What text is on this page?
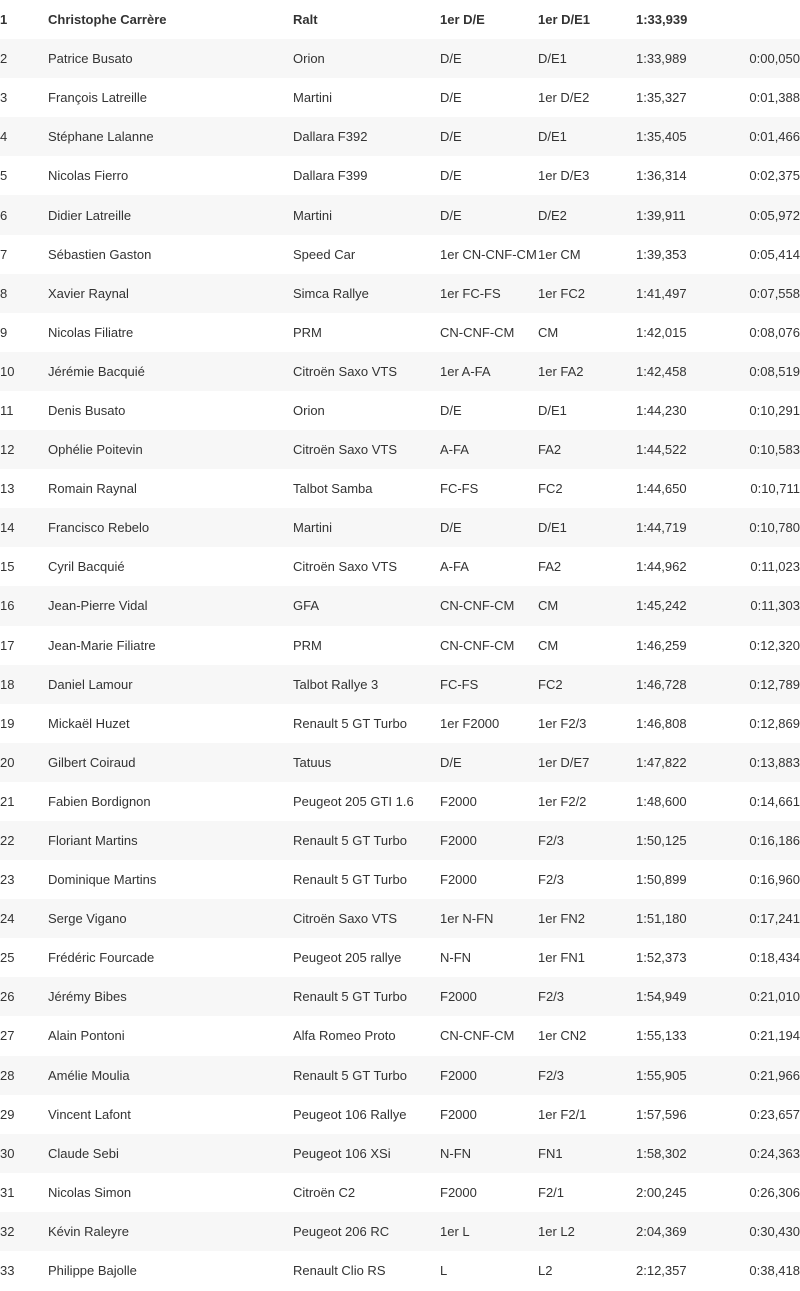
1	Christophe Carrère	Ralt	1er D/E	1er D/E1	1:33,939	
2	Patrice Busato	Orion	D/E	D/E1	1:33,989	0:00,050
3	François Latreille	Martini	D/E	1er D/E2	1:35,327	0:01,388
4	Stéphane Lalanne	Dallara F392	D/E	D/E1	1:35,405	0:01,466
5	Nicolas Fierro	Dallara F399	D/E	1er D/E3	1:36,314	0:02,375
6	Didier Latreille	Martini	D/E	D/E2	1:39,911	0:05,972
7	Sébastien Gaston	Speed Car	1er CN-CNF-CM	1er CM	1:39,353	0:05,414
8	Xavier Raynal	Simca Rallye	1er FC-FS	1er FC2	1:41,497	0:07,558
9	Nicolas Filiatre	PRM	CN-CNF-CM	CM	1:42,015	0:08,076
10	Jérémie Bacquié	Citroën Saxo VTS	1er A-FA	1er FA2	1:42,458	0:08,519
11	Denis Busato	Orion	D/E	D/E1	1:44,230	0:10,291
12	Ophélie Poitevin	Citroën Saxo VTS	A-FA	FA2	1:44,522	0:10,583
13	Romain Raynal	Talbot Samba	FC-FS	FC2	1:44,650	0:10,711
14	Francisco Rebelo	Martini	D/E	D/E1	1:44,719	0:10,780
15	Cyril Bacquié	Citroën Saxo VTS	A-FA	FA2	1:44,962	0:11,023
16	Jean-Pierre Vidal	GFA	CN-CNF-CM	CM	1:45,242	0:11,303
17	Jean-Marie Filiatre	PRM	CN-CNF-CM	CM	1:46,259	0:12,320
18	Daniel Lamour	Talbot Rallye 3	FC-FS	FC2	1:46,728	0:12,789
19	Mickaël Huzet	Renault 5 GT Turbo	1er F2000	1er F2/3	1:46,808	0:12,869
20	Gilbert Coiraud	Tatuus	D/E	1er D/E7	1:47,822	0:13,883
21	Fabien Bordignon	Peugeot 205 GTI 1.6	F2000	1er F2/2	1:48,600	0:14,661
22	Floriant Martins	Renault 5 GT Turbo	F2000	F2/3	1:50,125	0:16,186
23	Dominique Martins	Renault 5 GT Turbo	F2000	F2/3	1:50,899	0:16,960
24	Serge Vigano	Citroën Saxo VTS	1er N-FN	1er FN2	1:51,180	0:17,241
25	Frédéric Fourcade	Peugeot 205 rallye	N-FN	1er FN1	1:52,373	0:18,434
26	Jérémy Bibes	Renault 5 GT Turbo	F2000	F2/3	1:54,949	0:21,010
27	Alain Pontoni	Alfa Romeo Proto	CN-CNF-CM	1er CN2	1:55,133	0:21,194
28	Amélie Moulia	Renault 5 GT Turbo	F2000	F2/3	1:55,905	0:21,966
29	Vincent Lafont	Peugeot 106 Rallye	F2000	1er F2/1	1:57,596	0:23,657
30	Claude Sebi	Peugeot 106 XSi	N-FN	FN1	1:58,302	0:24,363
31	Nicolas Simon	Citroën C2	F2000	F2/1	2:00,245	0:26,306
32	Kévin Raleyre	Peugeot 206 RC	1er L	1er L2	2:04,369	0:30,430
33	Philippe Bajolle	Renault Clio RS	L	L2	2:12,357	0:38,418
